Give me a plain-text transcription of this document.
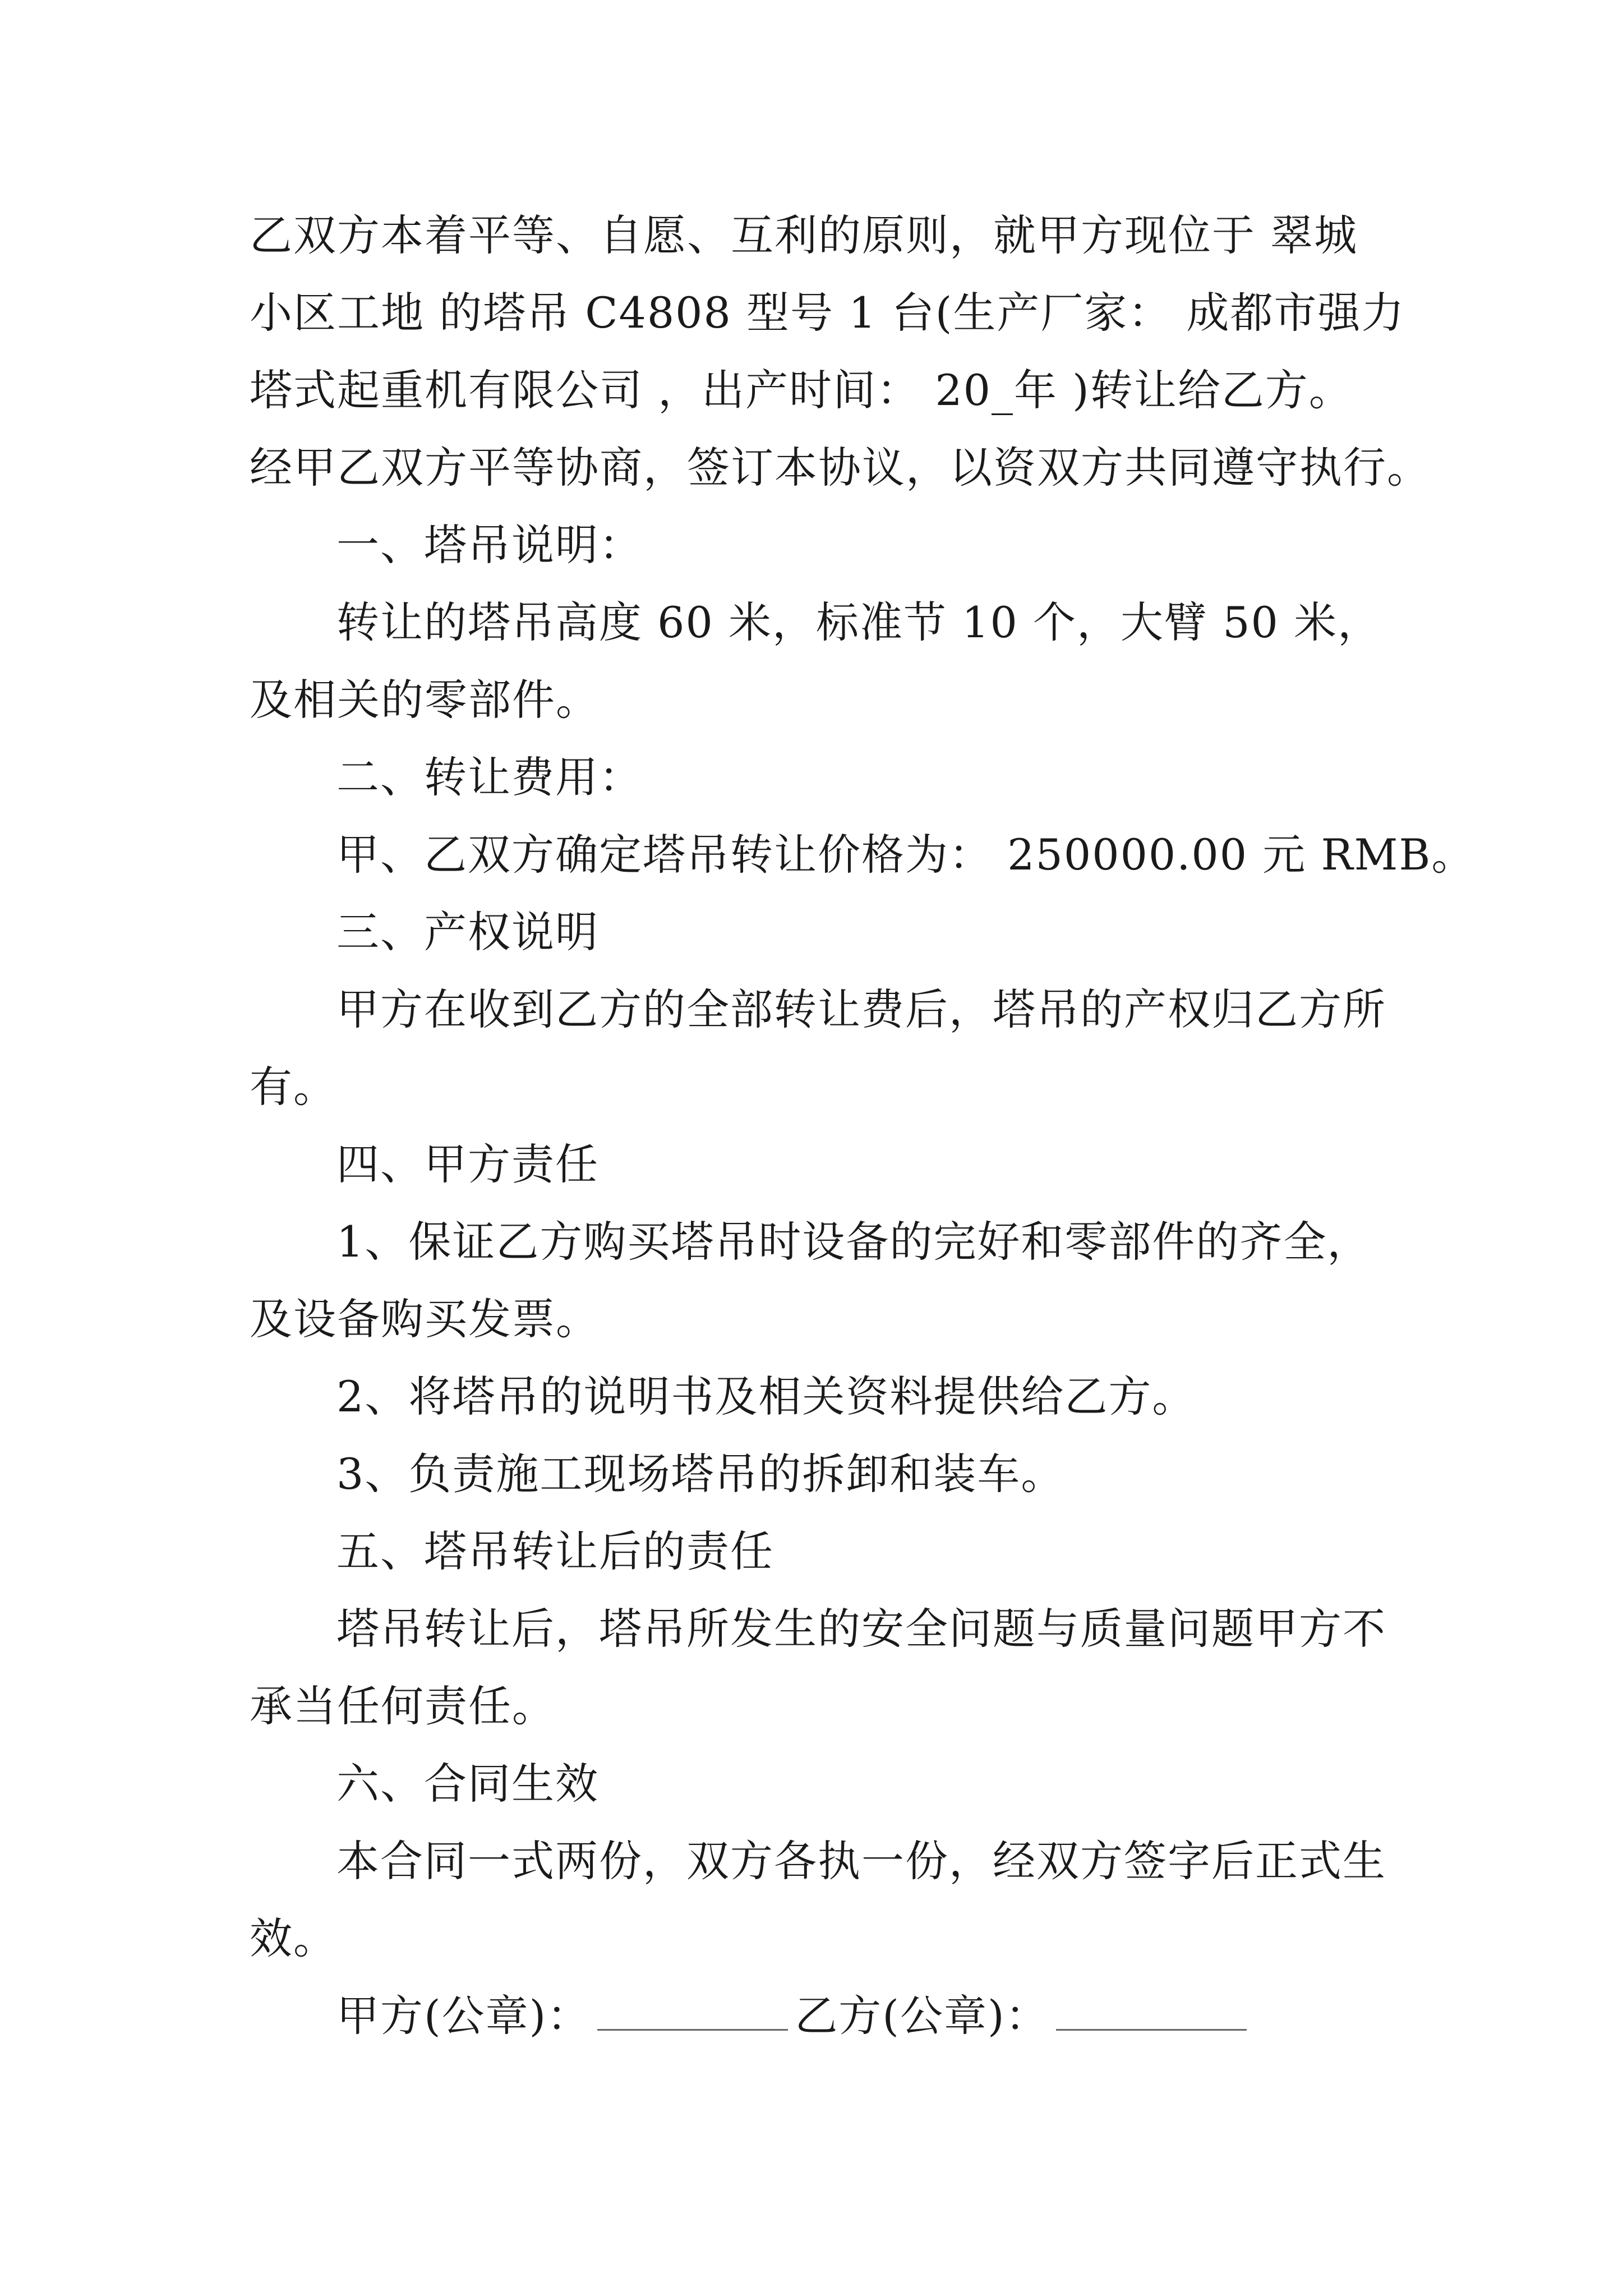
乙双方本着平等、自愿、互利的原则，就甲方现位于 翠城
小区工地 的塔吊 C4808 型号 1 台(生产厂家： 成都市强力
塔式起重机有限公司 ，出产时间： 20_年 )转让给乙方。
经甲乙双方平等协商，签订本协议，以资双方共同遵守执行。
一、塔吊说明：
转让的塔吊高度 60 米，标准节 10 个，大臂 50 米，
及相关的零部件。
二、转让费用：
甲、乙双方确定塔吊转让价格为： 250000.00 元 RMB。
三、产权说明
甲方在收到乙方的全部转让费后，塔吊的产权归乙方所
有。
四、甲方责任
1、保证乙方购买塔吊时设备的完好和零部件的齐全，
及设备购买发票。
2、将塔吊的说明书及相关资料提供给乙方。
3、负责施工现场塔吊的拆卸和装车。
五、塔吊转让后的责任
塔吊转让后，塔吊所发生的安全问题与质量问题甲方不
承当任何责任。
六、合同生效
本合同一式两份，双方各执一份，经双方签字后正式生
效。
甲方(公章)：	乙方(公章)：
